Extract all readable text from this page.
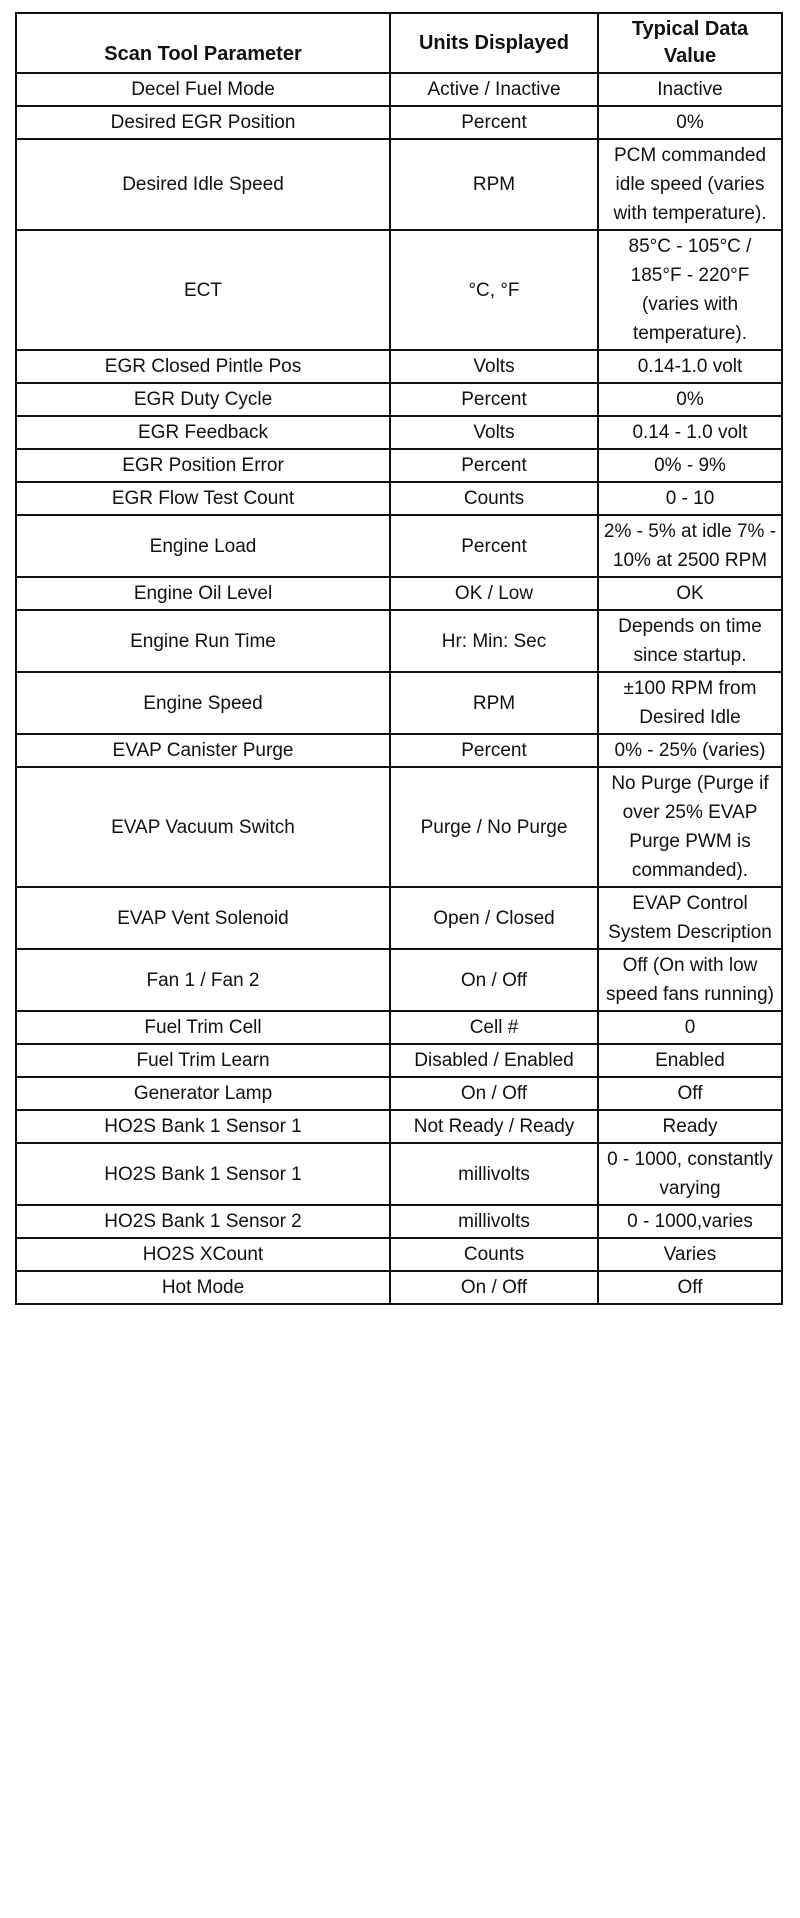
Scan Tool Parameter	Units Displayed	Typical Data Value
Decel Fuel Mode	Active / Inactive	Inactive
Desired EGR Position	Percent	0%
Desired Idle Speed	RPM	PCM commanded idle speed (varies with temperature).
ECT	°C, °F	85°C - 105°C / 185°F - 220°F (varies with temperature).
EGR Closed Pintle Pos	Volts	0.14-1.0 volt
EGR Duty Cycle	Percent	0%
EGR Feedback	Volts	0.14 - 1.0 volt
EGR Position Error	Percent	0% - 9%
EGR Flow Test Count	Counts	0 - 10
Engine Load	Percent	2% - 5% at idle 7% - 10% at 2500 RPM
Engine Oil Level	OK / Low	OK
Engine Run Time	Hr: Min: Sec	Depends on time since startup.
Engine Speed	RPM	±100 RPM from Desired Idle
EVAP Canister Purge	Percent	0% - 25% (varies)
EVAP Vacuum Switch	Purge / No Purge	No Purge (Purge if over 25% EVAP Purge PWM is commanded).
EVAP Vent Solenoid	Open / Closed	EVAP Control System Description
Fan 1 / Fan 2	On / Off	Off (On with low speed fans running)
Fuel Trim Cell	Cell #	0
Fuel Trim Learn	Disabled / Enabled	Enabled
Generator Lamp	On / Off	Off
HO2S Bank 1 Sensor 1	Not Ready / Ready	Ready
HO2S Bank 1 Sensor 1	millivolts	0 - 1000, constantly varying
HO2S Bank 1 Sensor 2	millivolts	0 - 1000,varies
HO2S XCount	Counts	Varies
Hot Mode	On / Off	Off
